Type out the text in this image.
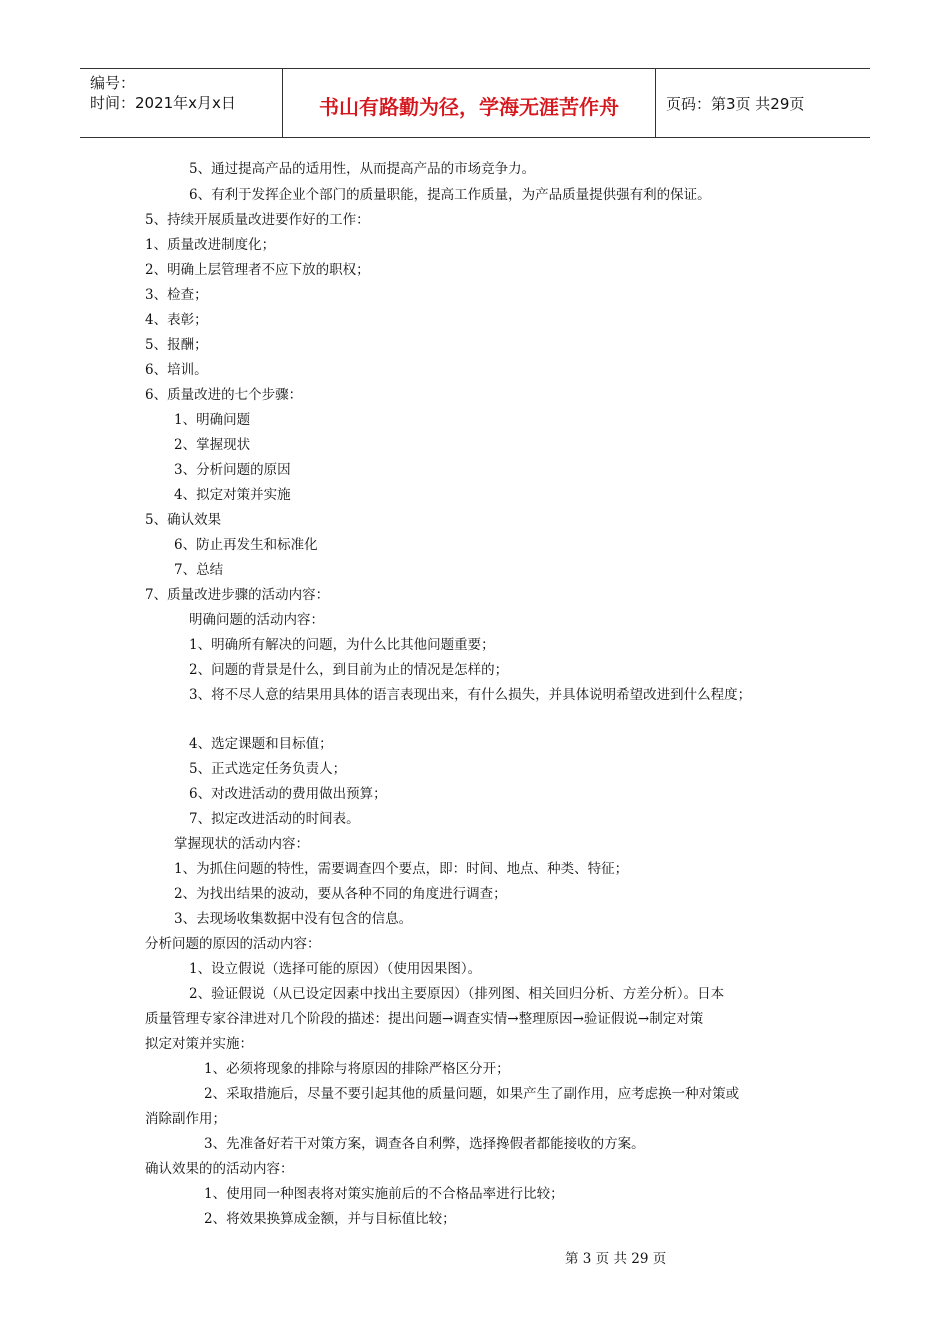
编号：
时间：2021年x月x日	书山有路勤为径，学海无涯苦作舟	页码：第3页 共29页
5、通过提高产品的适用性，从而提高产品的市场竞争力。
6、有利于发挥企业个部门的质量职能，提高工作质量，为产品质量提供强有利的保证。
5、持续开展质量改进要作好的工作：
1、质量改进制度化；
2、明确上层管理者不应下放的职权；
3、检查；
4、表彰；
5、报酬；
6、培训。
6、质量改进的七个步骤：
1、明确问题
2、掌握现状
3、分析问题的原因
4、拟定对策并实施
5、确认效果
6、防止再发生和标准化
7、总结
7、质量改进步骤的活动内容：
明确问题的活动内容：
1、明确所有解决的问题，为什么比其他问题重要；
2、问题的背景是什么，到目前为止的情况是怎样的；
3、将不尽人意的结果用具体的语言表现出来，有什么损失，并具体说明希望改进到什么程度；
4、选定课题和目标值；
5、正式选定任务负责人；
6、对改进活动的费用做出预算；
7、拟定改进活动的时间表。
掌握现状的活动内容：
1、为抓住问题的特性，需要调查四个要点，即：时间、地点、种类、特征；
2、为找出结果的波动，要从各种不同的角度进行调查；
3、去现场收集数据中没有包含的信息。
分析问题的原因的活动内容：
1、设立假说（选择可能的原因）（使用因果图）。
2、验证假说（从已设定因素中找出主要原因）（排列图、相关回归分析、方差分析）。日本
质量管理专家谷津进对几个阶段的描述：提出问题→调查实情→整理原因→验证假说→制定对策
拟定对策并实施：
1、必须将现象的排除与将原因的排除严格区分开；
2、采取措施后，尽量不要引起其他的质量问题，如果产生了副作用，应考虑换一种对策或
消除副作用；
3、先准备好若干对策方案，调查各自利弊，选择搀假者都能接收的方案。
确认效果的的活动内容：
1、使用同一种图表将对策实施前后的不合格品率进行比较；
2、将效果换算成金额，并与目标值比较；
第 3 页 共 29 页
